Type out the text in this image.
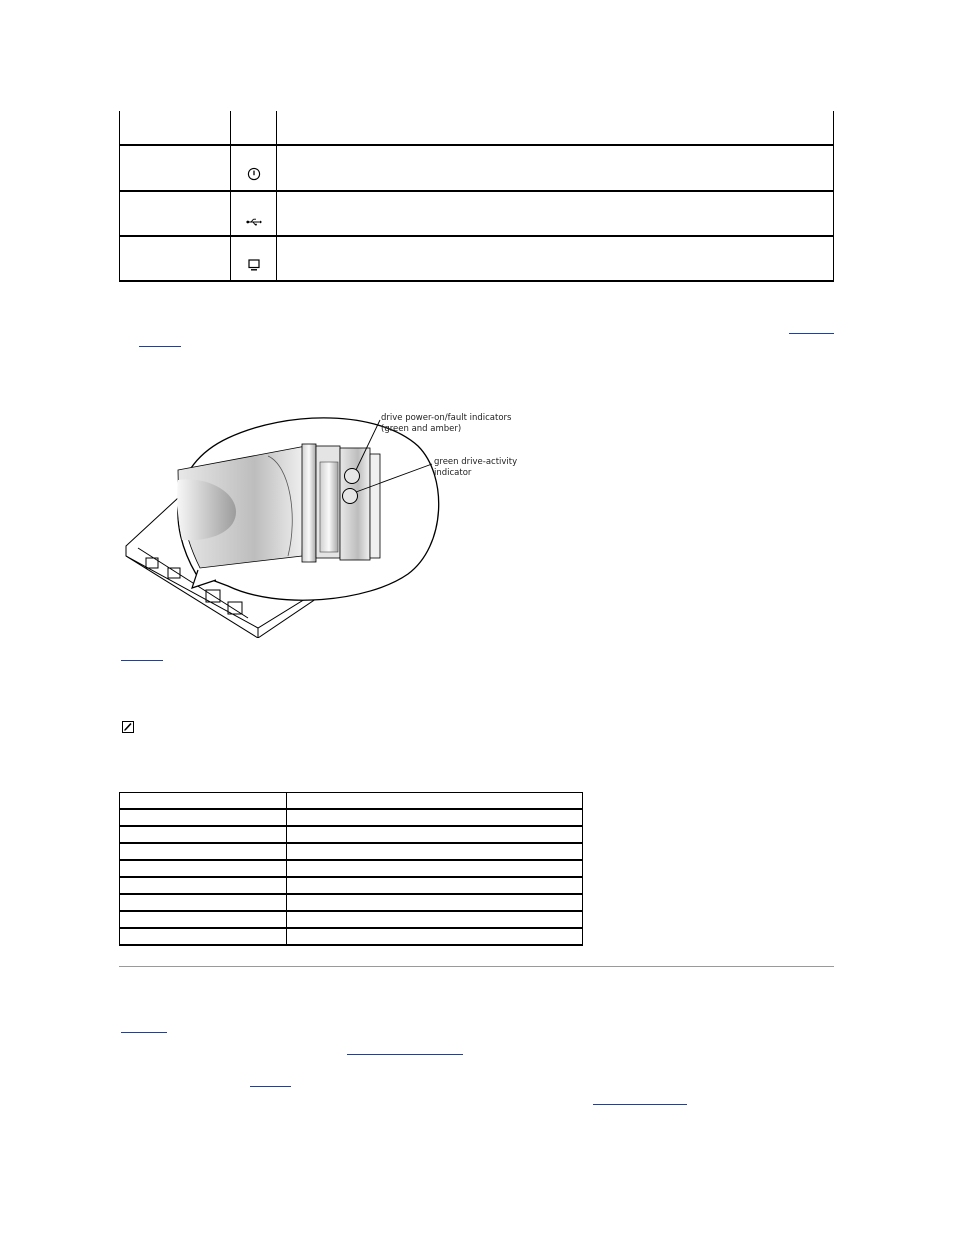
drive power-on/fault indicators
(green and amber)
green drive-activity
indicator
